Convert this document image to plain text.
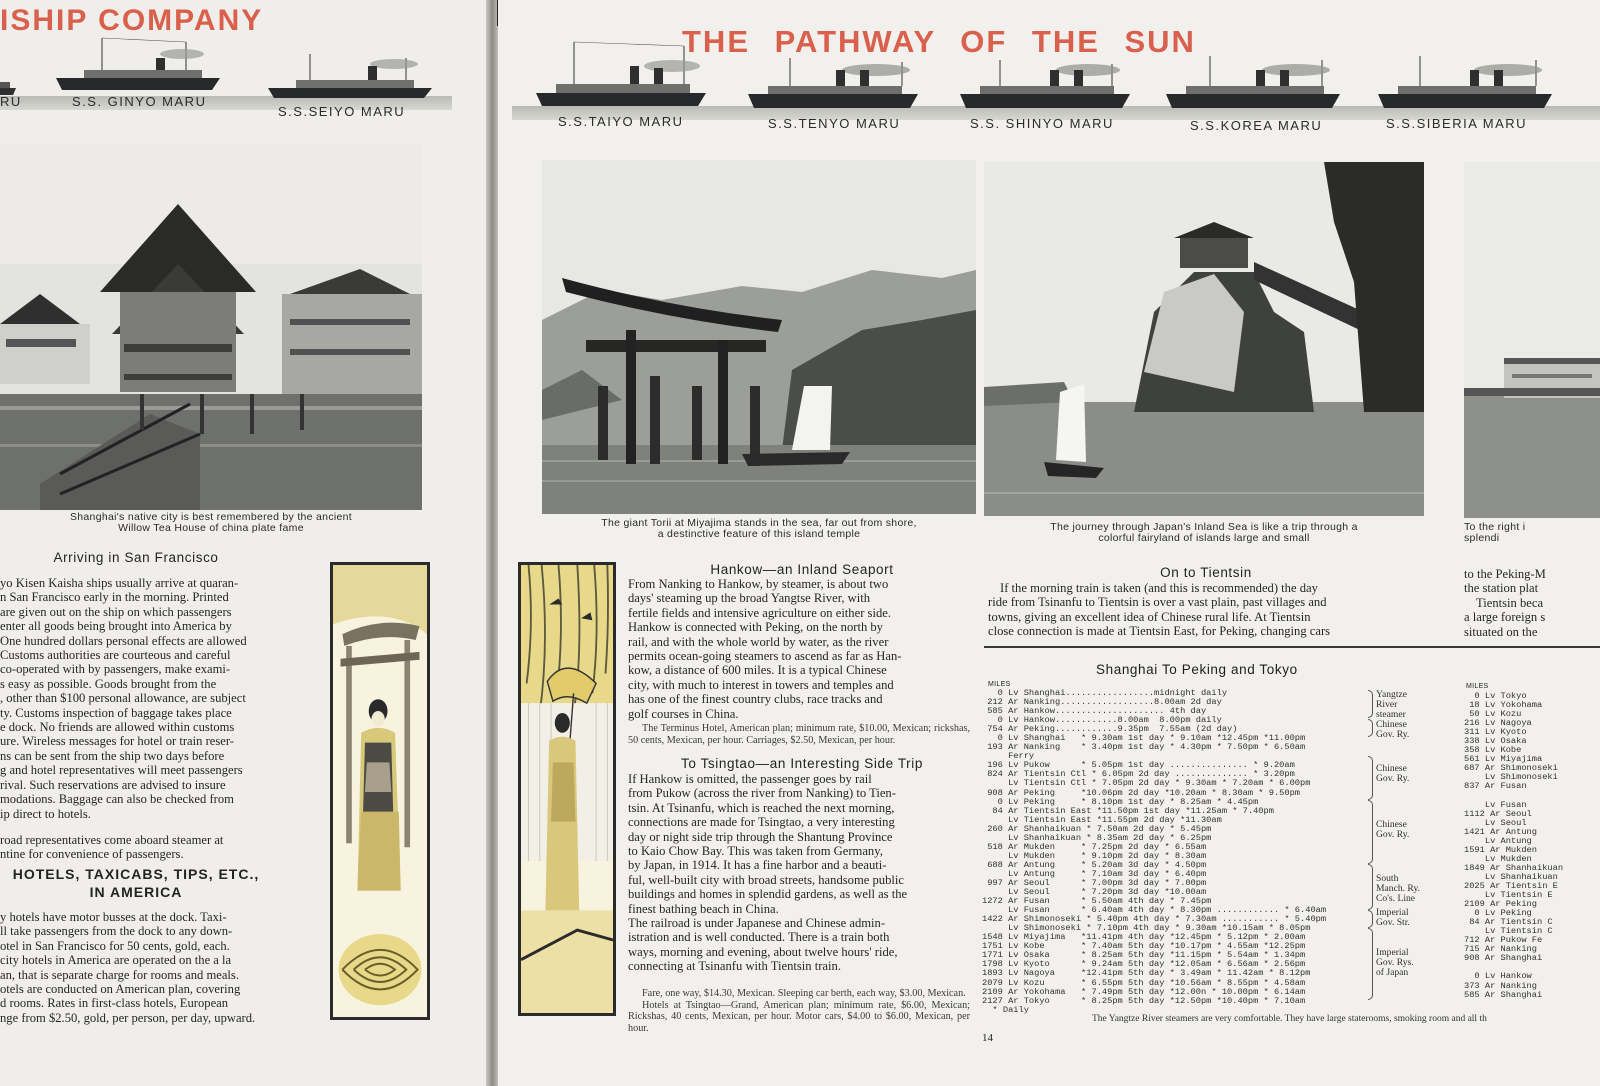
ISHIP COMPANY
RU	S.S. GINYO MARU
S.S.SEIYO MARU
Shanghai's native city is best remembered by the ancient
Willow Tea House of china plate fame
Arriving in San Francisco
yo Kisen Kaisha ships usually arrive at quaran-
n San Francisco early in the morning. Printed
are given out on the ship on which passengers
enter all goods being brought into America by
One hundred dollars personal effects are allowed
Customs authorities are courteous and careful
co-operated with by passengers, make exami-
s easy as possible. Goods brought from the
, other than $100 personal allowance, are subject
ty. Customs inspection of baggage takes place
e dock. No friends are allowed within customs
ure. Wireless messages for hotel or train reser-
ns can be sent from the ship two days before
g and hotel representatives will meet passengers
rival. Such reservations are advised to insure
modations. Baggage can also be checked from
ip direct to hotels.
road representatives come aboard steamer at
ntine for convenience of passengers.
HOTELS, TAXICABS, TIPS, ETC.,
IN AMERICA
y hotels have motor busses at the dock. Taxi-
ll take passengers from the dock to any down-
otel in San Francisco for 50 cents, gold, each.
city hotels in America are operated on the a la
an, that is separate charge for rooms and meals.
otels are conducted on American plan, covering
d rooms. Rates in first-class hotels, European
nge from $2.50, gold, per person, per day, upward.
THE PATHWAY OF THE SUN
S.S.TAIYO MARU	S.S.TENYO MARU	S.S. SHINYO MARU	S.S.KOREA MARU	S.S.SIBERIA MARU
The giant Torii at Miyajima stands in the sea, far out from shore,
a destinctive feature of this island temple
The journey through Japan's Inland Sea is like a trip through a
colorful fairyland of islands large and small
To the right i
splendi
Hankow—an Inland Seaport
From Nanking to Hankow, by steamer, is about two
days' steaming up the broad Yangtse River, with
fertile fields and intensive agriculture on either side.
Hankow is connected with Peking, on the north by
rail, and with the whole world by water, as the river
permits ocean-going steamers to ascend as far as Han-
kow, a distance of 600 miles. It is a typical Chinese
city, with much to interest in towers and temples and
has one of the finest country clubs, race tracks and
golf courses in China.
The Terminus Hotel, American plan; minimum rate, $10.00, Mexican; rickshas, 50 cents, Mexican, per hour. Carriages, $2.50, Mexican, per hour.
To Tsingtao—an Interesting Side Trip
If Hankow is omitted, the passenger goes by rail
from Pukow (across the river from Nanking) to Tien-
tsin. At Tsinanfu, which is reached the next morning,
connections are made for Tsingtao, a very interesting
day or night side trip through the Shantung Province
to Kaio Chow Bay. This was taken from Germany,
by Japan, in 1914. It has a fine harbor and a beauti-
ful, well-built city with broad streets, handsome public
buildings and homes in splendid gardens, as well as the
finest bathing beach in China.
The railroad is under Japanese and Chinese admin-
istration and is well conducted. There is a train both
ways, morning and evening, about twelve hours' ride,
connecting at Tsinanfu with Tientsin train.
Fare, one way, $14.30, Mexican. Sleeping car berth, each way, $3.00, Mexican.
Hotels at Tsingtao—Grand, American plan; minimum rate, $6.00, Mexican; Rickshas, 40 cents, Mexican, per hour. Motor cars, $4.00 to $6.00, Mexican, per hour.
On to Tientsin
If the morning train is taken (and this is recommended) the day
ride from Tsinanfu to Tientsin is over a vast plain, past villages and
towns, giving an excellent idea of Chinese rural life. At Tientsin
close connection is made at Tientsin East, for Peking, changing cars
to the Peking-M
the station plat
Tientsin beca
a large foreign s
situated on the
Shanghai To Peking and Tokyo
MILES
0 Lv Shanghai.................midnight daily
212 Ar Nanking..................8.00am 2d day
585 Ar Hankow..................... 4th day
0 Lv Hankow............8.00am  8.00pm daily
754 Ar Peking............9.35pm  7.55am (2d day)
0 Lv Shanghai   * 9.30am 1st day * 9.10am *12.45pm *11.00pm
193 Ar Nanking    * 3.40pm 1st day * 4.30pm * 7.50pm * 6.50am
Ferry
196 Lv Pukow      * 5.05pm 1st day ............... * 9.20am
824 Ar Tientsin Ctl * 6.05pm 2d day .............. * 3.20pm
Lv Tientsin Ctl * 7.05pm 2d day * 9.30am * 7.20am * 6.00pm
908 Ar Peking     *10.06pm 2d day *10.20am * 8.30am * 9.50pm
0 Lv Peking     * 8.10pm 1st day * 8.25am * 4.45pm
84 Ar Tientsin East *11.50pm 1st day *11.25am * 7.40pm
Lv Tientsin East *11.55pm 2d day *11.30am
260 Ar Shanhaikuan * 7.50am 2d day * 5.45pm
Lv Shanhaikuan * 8.35am 2d day * 6.25pm
518 Ar Mukden     * 7.25pm 2d day * 6.55am
Lv Mukden     * 9.10pm 2d day * 8.30am
688 Ar Antung     * 5.20am 3d day * 4.50pm
Lv Antung     * 7.10am 3d day * 6.40pm
997 Ar Seoul      * 7.00pm 3d day * 7.00pm
Lv Seoul      * 7.20pm 3d day *10.00am
1272 Ar Fusan      * 5.50am 4th day * 7.45pm
Lv Fusan      * 6.40am 4th day * 8.30pm ............ * 6.40am
1422 Ar Shimonoseki * 5.40pm 4th day * 7.30am ........... * 5.40pm
Lv Shimonoseki * 7.10pm 4th day * 9.30am *10.15am * 8.05pm
1548 Lv Miyajima   *11.41pm 4th day *12.45pm * 5.12pm * 2.00am
1751 Lv Kobe       * 7.40am 5th day *10.17pm * 4.55am *12.25pm
1771 Lv Osaka      * 8.25am 5th day *11.15pm * 5.54am * 1.34pm
1798 Lv Kyoto      * 9.24am 5th day *12.05am * 6.56am * 2.56pm
1893 Lv Nagoya     *12.41pm 5th day * 3.49am * 11.42am * 8.12pm
2079 Lv Kozu       * 6.55pm 5th day *10.56am * 8.55pm * 4.58am
2109 Ar Yokohama   * 7.49pm 5th day *12.00n * 10.00pm * 6.14am
2127 Ar Tokyo      * 8.25pm 5th day *12.50pm *10.40pm * 7.10am
* Daily
Yangtze
River
steamer
Chinese
Gov. Ry.
Chinese
Gov. Ry.
Chinese
Gov. Ry.
South
Manch. Ry.
Co's. Line
Imperial
Gov. Str.
Imperial
Gov. Rys.
of Japan
MILES
0 Lv Tokyo
18 Lv Yokohama
50 Lv Kozu
216 Lv Nagoya
311 Lv Kyoto
338 Lv Osaka
358 Lv Kobe
561 Lv Miyajima
687 Ar Shimonoseki
Lv Shimonoseki
837 Ar Fusan
Lv Fusan
1112 Ar Seoul
Lv Seoul
1421 Ar Antung
Lv Antung
1591 Ar Mukden
Lv Mukden
1849 Ar Shanhaikuan
Lv Shanhaikuan
2025 Ar Tientsin E
Lv Tientsin E
2109 Ar Peking
0 Lv Peking
84 Ar Tientsin C
Lv Tientsin C
712 Ar Pukow Fe
715 Ar Nanking
908 Ar Shanghai
0 Lv Hankow
373 Ar Nanking
585 Ar Shanghai
The Yangtze River steamers are very comfortable. They have large staterooms, smoking room and all th
14
